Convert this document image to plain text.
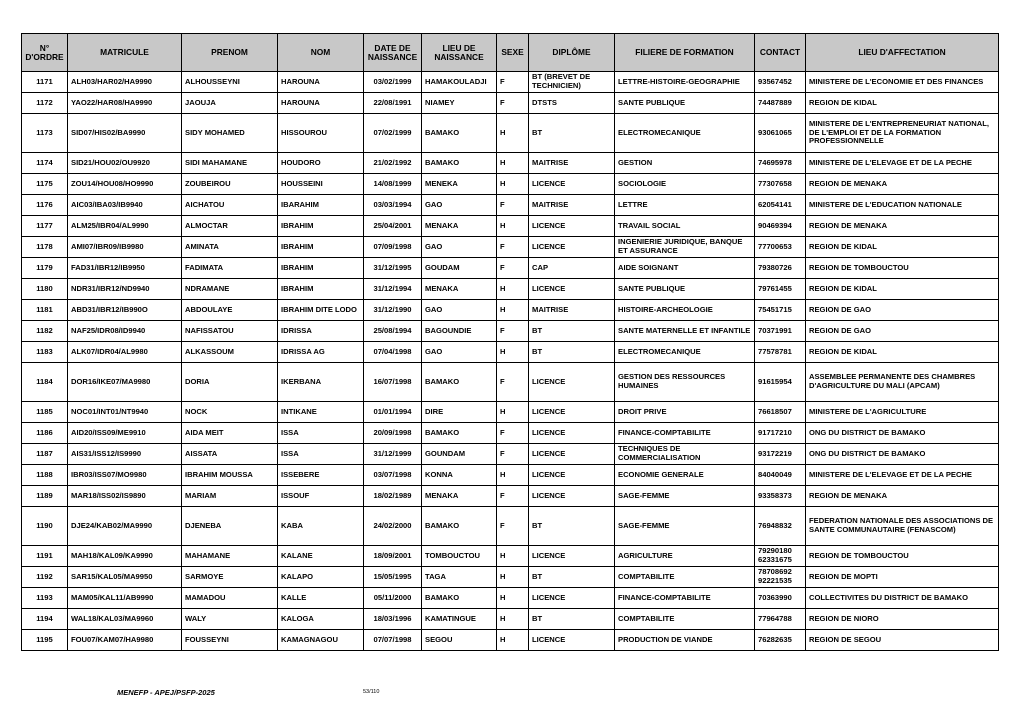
N° D'ORDRE	MATRICULE	PRENOM	NOM	DATE DE NAISSANCE	LIEU DE NAISSANCE	SEXE	DIPLÔME	FILIERE DE FORMATION	CONTACT	LIEU D'AFFECTATION
1171	ALH03/HAR02/HA9990	ALHOUSSEYNI	HAROUNA	03/02/1999	HAMAKOULADJI	F	BT (BREVET DE TECHNICIEN)	LETTRE-HISTOIRE-GEOGRAPHIE	93567452	MINISTERE DE L'ECONOMIE ET DES FINANCES
1172	YAO22/HAR08/HA9990	JAOUJA	HAROUNA	22/08/1991	NIAMEY	F	DTSTS	SANTE PUBLIQUE	74487889	REGION DE KIDAL
1173	SID07/HIS02/BA9990	SIDY MOHAMED	HISSOUROU	07/02/1999	BAMAKO	H	BT	ELECTROMECANIQUE	93061065	MINISTERE DE L'ENTREPRENEURIAT NATIONAL, DE L'EMPLOI ET DE LA FORMATION PROFESSIONNELLE
1174	SID21/HOU02/OU9920	SIDI MAHAMANE	HOUDORO	21/02/1992	BAMAKO	H	MAITRISE	GESTION	74695978	MINISTERE DE L'ELEVAGE ET DE LA PECHE
1175	ZOU14/HOU08/HO9990	ZOUBEIROU	HOUSSEINI	14/08/1999	MENEKA	H	LICENCE	SOCIOLOGIE	77307658	REGION DE MENAKA
1176	AIC03/IBA03/IB9940	AICHATOU	IBARAHIM	03/03/1994	GAO	F	MAITRISE	LETTRE	62054141	MINISTERE DE L'EDUCATION NATIONALE
1177	ALM25/IBR04/AL9990	ALMOCTAR	IBRAHIM	25/04/2001	MENAKA	H	LICENCE	TRAVAIL SOCIAL	90469394	REGION DE MENAKA
1178	AMI07/IBR09/IB9980	AMINATA	IBRAHIM	07/09/1998	GAO	F	LICENCE	INGENIERIE JURIDIQUE, BANQUE ET ASSURANCE	77700653	REGION DE KIDAL
1179	FAD31/IBR12/IB9950	FADIMATA	IBRAHIM	31/12/1995	GOUDAM	F	CAP	AIDE SOIGNANT	79380726	REGION DE TOMBOUCTOU
1180	NDR31/IBR12/ND9940	NDRAMANE	IBRAHIM	31/12/1994	MENAKA	H	LICENCE	SANTE PUBLIQUE	79761455	REGION DE KIDAL
1181	ABD31/IBR12/IB990O	ABDOULAYE	IBRAHIM DITE LODO	31/12/1990	GAO	H	MAITRISE	HISTOIRE-ARCHEOLOGIE	75451715	REGION DE GAO
1182	NAF25/IDR08/ID9940	NAFISSATOU	IDRISSA	25/08/1994	BAGOUNDIE	F	BT	SANTE MATERNELLE ET INFANTILE	70371991	REGION DE GAO
1183	ALK07/IDR04/AL9980	ALKASSOUM	IDRISSA AG	07/04/1998	GAO	H	BT	ELECTROMECANIQUE	77578781	REGION DE KIDAL
1184	DOR16/IKE07/MA9980	DORIA	IKERBANA	16/07/1998	BAMAKO	F	LICENCE	GESTION DES RESSOURCES HUMAINES	91615954	ASSEMBLEE PERMANENTE DES CHAMBRES D'AGRICULTURE DU MALI (APCAM)
1185	NOC01/INT01/NT9940	NOCK	INTIKANE	01/01/1994	DIRE	H	LICENCE	DROIT PRIVE	76618507	MINISTERE DE L'AGRICULTURE
1186	AID20/ISS09/ME9910	AIDA MEIT	ISSA	20/09/1998	BAMAKO	F	LICENCE	FINANCE-COMPTABILITE	91717210	ONG DU DISTRICT DE BAMAKO
1187	AIS31/ISS12/IS9990	AISSATA	ISSA	31/12/1999	GOUNDAM	F	LICENCE	TECHNIQUES DE COMMERCIALISATION	93172219	ONG DU DISTRICT DE BAMAKO
1188	IBR03/ISS07/MO9980	IBRAHIM MOUSSA	ISSEBERE	03/07/1998	KONNA	H	LICENCE	ECONOMIE GENERALE	84040049	MINISTERE DE L'ELEVAGE ET DE LA PECHE
1189	MAR18/ISS02/IS9890	MARIAM	ISSOUF	18/02/1989	MENAKA	F	LICENCE	SAGE-FEMME	93358373	REGION DE MENAKA
1190	DJE24/KAB02/MA9990	DJENEBA	KABA	24/02/2000	BAMAKO	F	BT	SAGE-FEMME	76948832	FEDERATION NATIONALE DES ASSOCIATIONS DE SANTE COMMUNAUTAIRE (FENASCOM)
1191	MAH18/KAL09/KA9990	MAHAMANE	KALANE	18/09/2001	TOMBOUCTOU	H	LICENCE	AGRICULTURE	79290180 62331675	REGION DE TOMBOUCTOU
1192	SAR15/KAL05/MA9950	SARMOYE	KALAPO	15/05/1995	TAGA	H	BT	COMPTABILITE	78708692 92221535	REGION DE MOPTI
1193	MAM05/KAL11/AB9990	MAMADOU	KALLE	05/11/2000	BAMAKO	H	LICENCE	FINANCE-COMPTABILITE	70363990	COLLECTIVITES DU DISTRICT DE BAMAKO
1194	WAL18/KAL03/MA9960	WALY	KALOGA	18/03/1996	KAMATINGUE	H	BT	COMPTABILITE	77964788	REGION DE NIORO
1195	FOU07/KAM07/HA9980	FOUSSEYNI	KAMAGNAGOU	07/07/1998	SEGOU	H	LICENCE	PRODUCTION DE VIANDE	76282635	REGION DE SEGOU
MENEFP - APEJ/PSFP-2025	53/110
